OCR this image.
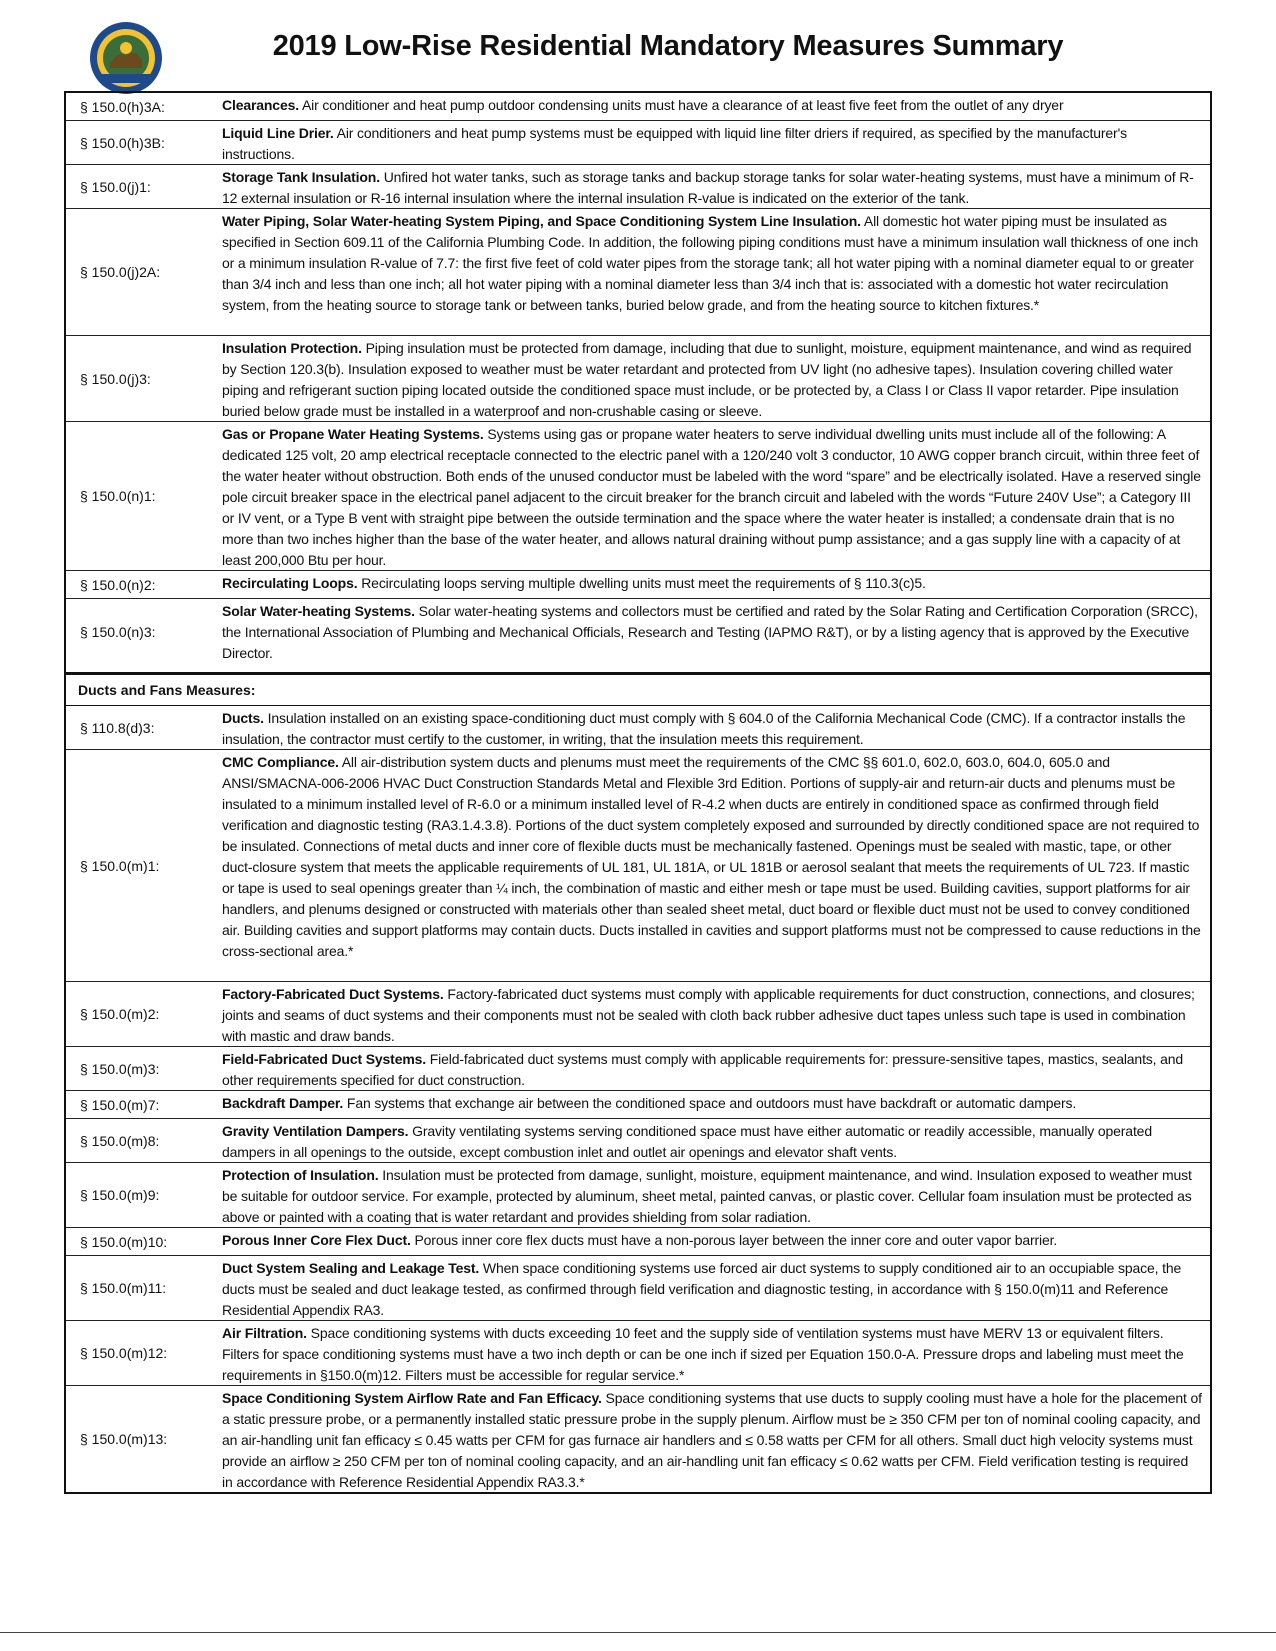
2019 Low-Rise Residential Mandatory Measures Summary
§ 150.0(h)3A:	Clearances. Air conditioner and heat pump outdoor condensing units must have a clearance of at least five feet from the outlet of any dryer
§ 150.0(h)3B:
Liquid Line Drier. Air conditioners and heat pump systems must be equipped with liquid line filter driers if required, as specified by the manufacturer's instructions.
§ 150.0(j)1:
Storage Tank Insulation. Unfired hot water tanks, such as storage tanks and backup storage tanks for solar water-heating systems, must have a minimum of R-12 external insulation or R-16 internal insulation where the internal insulation R-value is indicated on the exterior of the tank.
§ 150.0(j)2A:
Water Piping, Solar Water-heating System Piping, and Space Conditioning System Line Insulation. All domestic hot water piping must be insulated as specified in Section 609.11 of the California Plumbing Code. In addition, the following piping conditions must have a minimum insulation wall thickness of one inch or a minimum insulation R-value of 7.7: the first five feet of cold water pipes from the storage tank; all hot water piping with a nominal diameter equal to or greater than 3/4 inch and less than one inch; all hot water piping with a nominal diameter less than 3/4 inch that is: associated with a domestic hot water recirculation system, from the heating source to storage tank or between tanks, buried below grade, and from the heating source to kitchen fixtures.*
§ 150.0(j)3:
Insulation Protection. Piping insulation must be protected from damage, including that due to sunlight, moisture, equipment maintenance, and wind as required by Section 120.3(b). Insulation exposed to weather must be water retardant and protected from UV light (no adhesive tapes). Insulation covering chilled water piping and refrigerant suction piping located outside the conditioned space must include, or be protected by, a Class I or Class II vapor retarder. Pipe insulation buried below grade must be installed in a waterproof and non-crushable casing or sleeve.
§ 150.0(n)1:
Gas or Propane Water Heating Systems. Systems using gas or propane water heaters to serve individual dwelling units must include all of the following: A dedicated 125 volt, 20 amp electrical receptacle connected to the electric panel with a 120/240 volt 3 conductor, 10 AWG copper branch circuit, within three feet of the water heater without obstruction. Both ends of the unused conductor must be labeled with the word “spare” and be electrically isolated. Have a reserved single pole circuit breaker space in the electrical panel adjacent to the circuit breaker for the branch circuit and labeled with the words “Future 240V Use”; a Category III or IV vent, or a Type B vent with straight pipe between the outside termination and the space where the water heater is installed; a condensate drain that is no more than two inches higher than the base of the water heater, and allows natural draining without pump assistance; and a gas supply line with a capacity of at least 200,000 Btu per hour.
§ 150.0(n)2:	Recirculating Loops. Recirculating loops serving multiple dwelling units must meet the requirements of § 110.3(c)5.
§ 150.0(n)3:
Solar Water-heating Systems. Solar water-heating systems and collectors must be certified and rated by the Solar Rating and Certification Corporation (SRCC), the International Association of Plumbing and Mechanical Officials, Research and Testing (IAPMO R&T), or by a listing agency that is approved by the Executive Director.
Ducts and Fans Measures:
§ 110.8(d)3:
Ducts. Insulation installed on an existing space-conditioning duct must comply with § 604.0 of the California Mechanical Code (CMC). If a contractor installs the insulation, the contractor must certify to the customer, in writing, that the insulation meets this requirement.
§ 150.0(m)1:
CMC Compliance. All air-distribution system ducts and plenums must meet the requirements of the CMC §§ 601.0, 602.0, 603.0, 604.0, 605.0 and ANSI/SMACNA-006-2006 HVAC Duct Construction Standards Metal and Flexible 3rd Edition. Portions of supply-air and return-air ducts and plenums must be insulated to a minimum installed level of R-6.0 or a minimum installed level of R-4.2 when ducts are entirely in conditioned space as confirmed through field verification and diagnostic testing (RA3.1.4.3.8). Portions of the duct system completely exposed and surrounded by directly conditioned space are not required to be insulated. Connections of metal ducts and inner core of flexible ducts must be mechanically fastened. Openings must be sealed with mastic, tape, or other duct-closure system that meets the applicable requirements of UL 181, UL 181A, or UL 181B or aerosol sealant that meets the requirements of UL 723. If mastic or tape is used to seal openings greater than ¼ inch, the combination of mastic and either mesh or tape must be used. Building cavities, support platforms for air handlers, and plenums designed or constructed with materials other than sealed sheet metal, duct board or flexible duct must not be used to convey conditioned air. Building cavities and support platforms may contain ducts. Ducts installed in cavities and support platforms must not be compressed to cause reductions in the cross-sectional area.*
§ 150.0(m)2:
Factory-Fabricated Duct Systems. Factory-fabricated duct systems must comply with applicable requirements for duct construction, connections, and closures; joints and seams of duct systems and their components must not be sealed with cloth back rubber adhesive duct tapes unless such tape is used in combination with mastic and draw bands.
§ 150.0(m)3:
Field-Fabricated Duct Systems. Field-fabricated duct systems must comply with applicable requirements for: pressure-sensitive tapes, mastics, sealants, and other requirements specified for duct construction.
§ 150.0(m)7:	Backdraft Damper. Fan systems that exchange air between the conditioned space and outdoors must have backdraft or automatic dampers.
§ 150.0(m)8:
Gravity Ventilation Dampers. Gravity ventilating systems serving conditioned space must have either automatic or readily accessible, manually operated dampers in all openings to the outside, except combustion inlet and outlet air openings and elevator shaft vents.
§ 150.0(m)9:
Protection of Insulation. Insulation must be protected from damage, sunlight, moisture, equipment maintenance, and wind. Insulation exposed to weather must be suitable for outdoor service. For example, protected by aluminum, sheet metal, painted canvas, or plastic cover. Cellular foam insulation must be protected as above or painted with a coating that is water retardant and provides shielding from solar radiation.
§ 150.0(m)10:	Porous Inner Core Flex Duct. Porous inner core flex ducts must have a non-porous layer between the inner core and outer vapor barrier.
§ 150.0(m)11:
Duct System Sealing and Leakage Test. When space conditioning systems use forced air duct systems to supply conditioned air to an occupiable space, the ducts must be sealed and duct leakage tested, as confirmed through field verification and diagnostic testing, in accordance with § 150.0(m)11 and Reference Residential Appendix RA3.
§ 150.0(m)12:
Air Filtration. Space conditioning systems with ducts exceeding 10 feet and the supply side of ventilation systems must have MERV 13 or equivalent filters. Filters for space conditioning systems must have a two inch depth or can be one inch if sized per Equation 150.0-A. Pressure drops and labeling must meet the requirements in §150.0(m)12. Filters must be accessible for regular service.*
§ 150.0(m)13:
Space Conditioning System Airflow Rate and Fan Efficacy. Space conditioning systems that use ducts to supply cooling must have a hole for the placement of a static pressure probe, or a permanently installed static pressure probe in the supply plenum. Airflow must be ≥ 350 CFM per ton of nominal cooling capacity, and an air-handling unit fan efficacy ≤ 0.45 watts per CFM for gas furnace air handlers and ≤ 0.58 watts per CFM for all others. Small duct high velocity systems must provide an airflow ≥ 250 CFM per ton of nominal cooling capacity, and an air-handling unit fan efficacy ≤ 0.62 watts per CFM. Field verification testing is required in accordance with Reference Residential Appendix RA3.3.*
